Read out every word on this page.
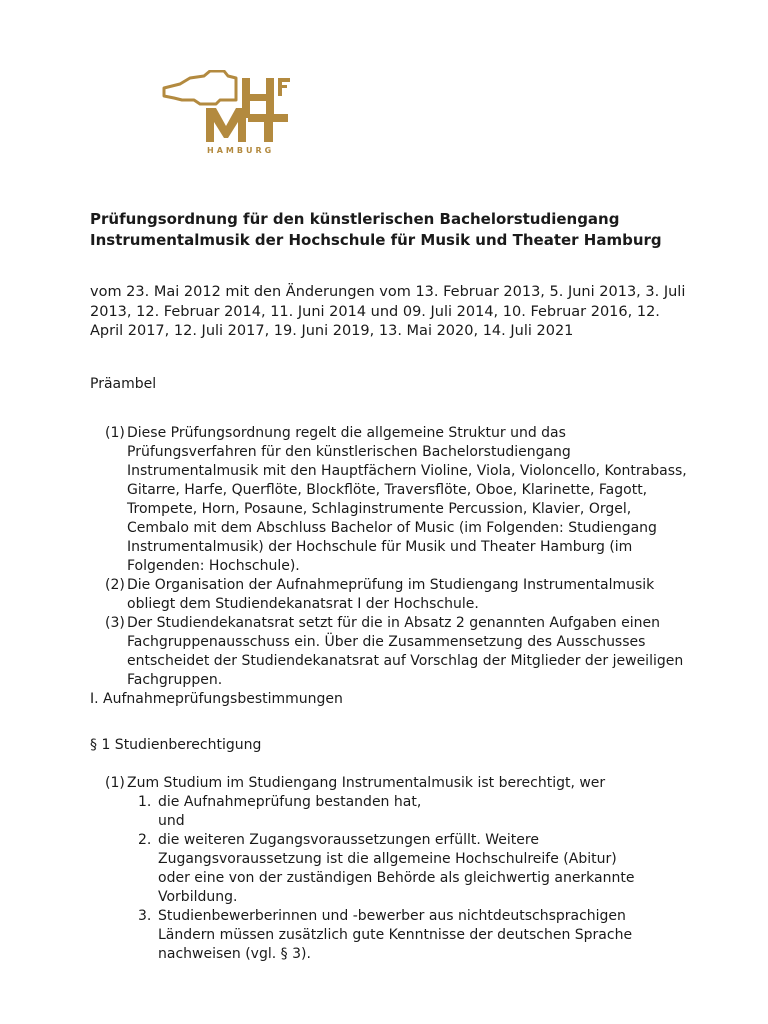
HAMBURG
Prüfungsordnung für den künstlerischen Bachelorstudiengang
Instrumentalmusik der Hochschule für Musik und Theater Hamburg
vom 23. Mai 2012 mit den Änderungen vom 13. Februar 2013, 5. Juni 2013, 3. Juli 2013, 12. Februar 2014, 11. Juni 2014 und 09. Juli 2014, 10. Februar 2016, 12. April 2017, 12. Juli 2017, 19. Juni 2019, 13. Mai 2020, 14. Juli 2021
Präambel
(1) Diese Prüfungsordnung regelt die allgemeine Struktur und das Prüfungsverfahren für den künstlerischen Bachelorstudiengang Instrumentalmusik mit den Hauptfächern Violine, Viola, Violoncello, Kontrabass, Gitarre, Harfe, Querflöte, Blockflöte, Traversflöte, Oboe, Klarinette, Fagott, Trompete, Horn, Posaune, Schlaginstrumente Percussion, Klavier, Orgel, Cembalo mit dem Abschluss Bachelor of Music (im Folgenden: Studiengang Instrumentalmusik) der Hochschule für Musik und Theater Hamburg (im Folgenden: Hochschule).
(2) Die Organisation der Aufnahmeprüfung im Studiengang Instrumentalmusik obliegt dem Studiendekanatsrat I der Hochschule.
(3) Der Studiendekanatsrat setzt für die in Absatz 2 genannten Aufgaben einen Fachgruppenausschuss ein. Über die Zusammensetzung des Ausschusses entscheidet der Studiendekanatsrat auf Vorschlag der Mitglieder der jeweiligen Fachgruppen.
I. Aufnahmeprüfungsbestimmungen
§ 1 Studienberechtigung
(1) Zum Studium im Studiengang Instrumentalmusik ist berechtigt, wer
1. die Aufnahmeprüfung bestanden hat,
und
2. die weiteren Zugangsvoraussetzungen erfüllt. Weitere Zugangsvoraussetzung ist die allgemeine Hochschulreife (Abitur) oder eine von der zuständigen Behörde als gleichwertig anerkannte Vorbildung.
3. Studienbewerberinnen und -bewerber aus nichtdeutschsprachigen Ländern müssen zusätzlich gute Kenntnisse der deutschen Sprache nachweisen (vgl. § 3).
